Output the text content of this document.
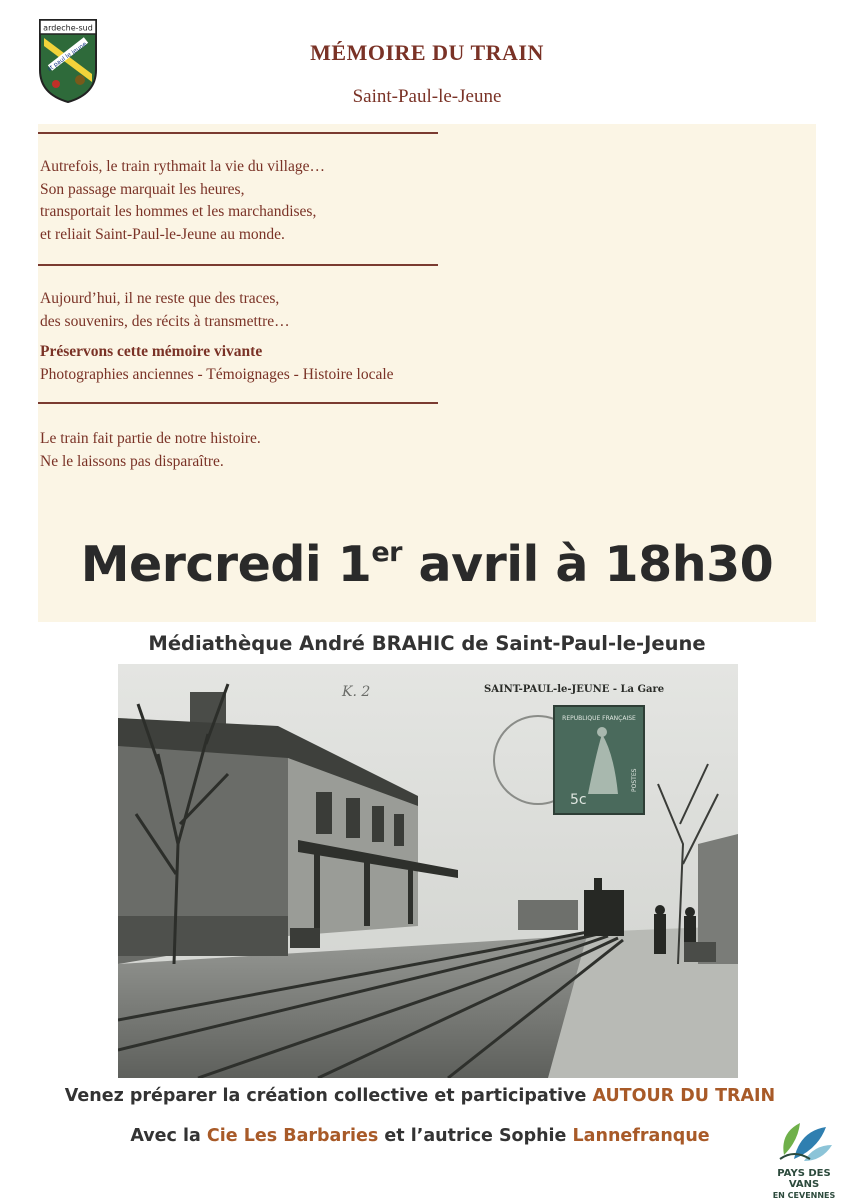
ardeche-sud
st paul le jeune	MÉMOIRE DU TRAIN
Saint-Paul-le-Jeune
Autrefois, le train rythmait la vie du village…
Son passage marquait les heures,
transportait les hommes et les marchandises,
et reliait Saint-Paul-le-Jeune au monde.
Aujourd’hui, il ne reste que des traces,
des souvenirs, des récits à transmettre…
Préservons cette mémoire vivante
Photographies anciennes - Témoignages - Histoire locale
Le train fait partie de notre histoire.
Ne le laissons pas disparaître.
Mercredi 1er avril à 18h30
Médiathèque André BRAHIC de Saint-Paul-le-Jeune
SAINT-PAUL-le-JEUNE - La Gare
K. 2
REPUBLIQUE FRANÇAISE
5c
POSTES
Venez préparer la création collective et participative AUTOUR DU TRAIN
Avec la Cie Les Barbaries et l’autrice Sophie Lannefranque
PAYS DES VANS
EN CEVENNES
